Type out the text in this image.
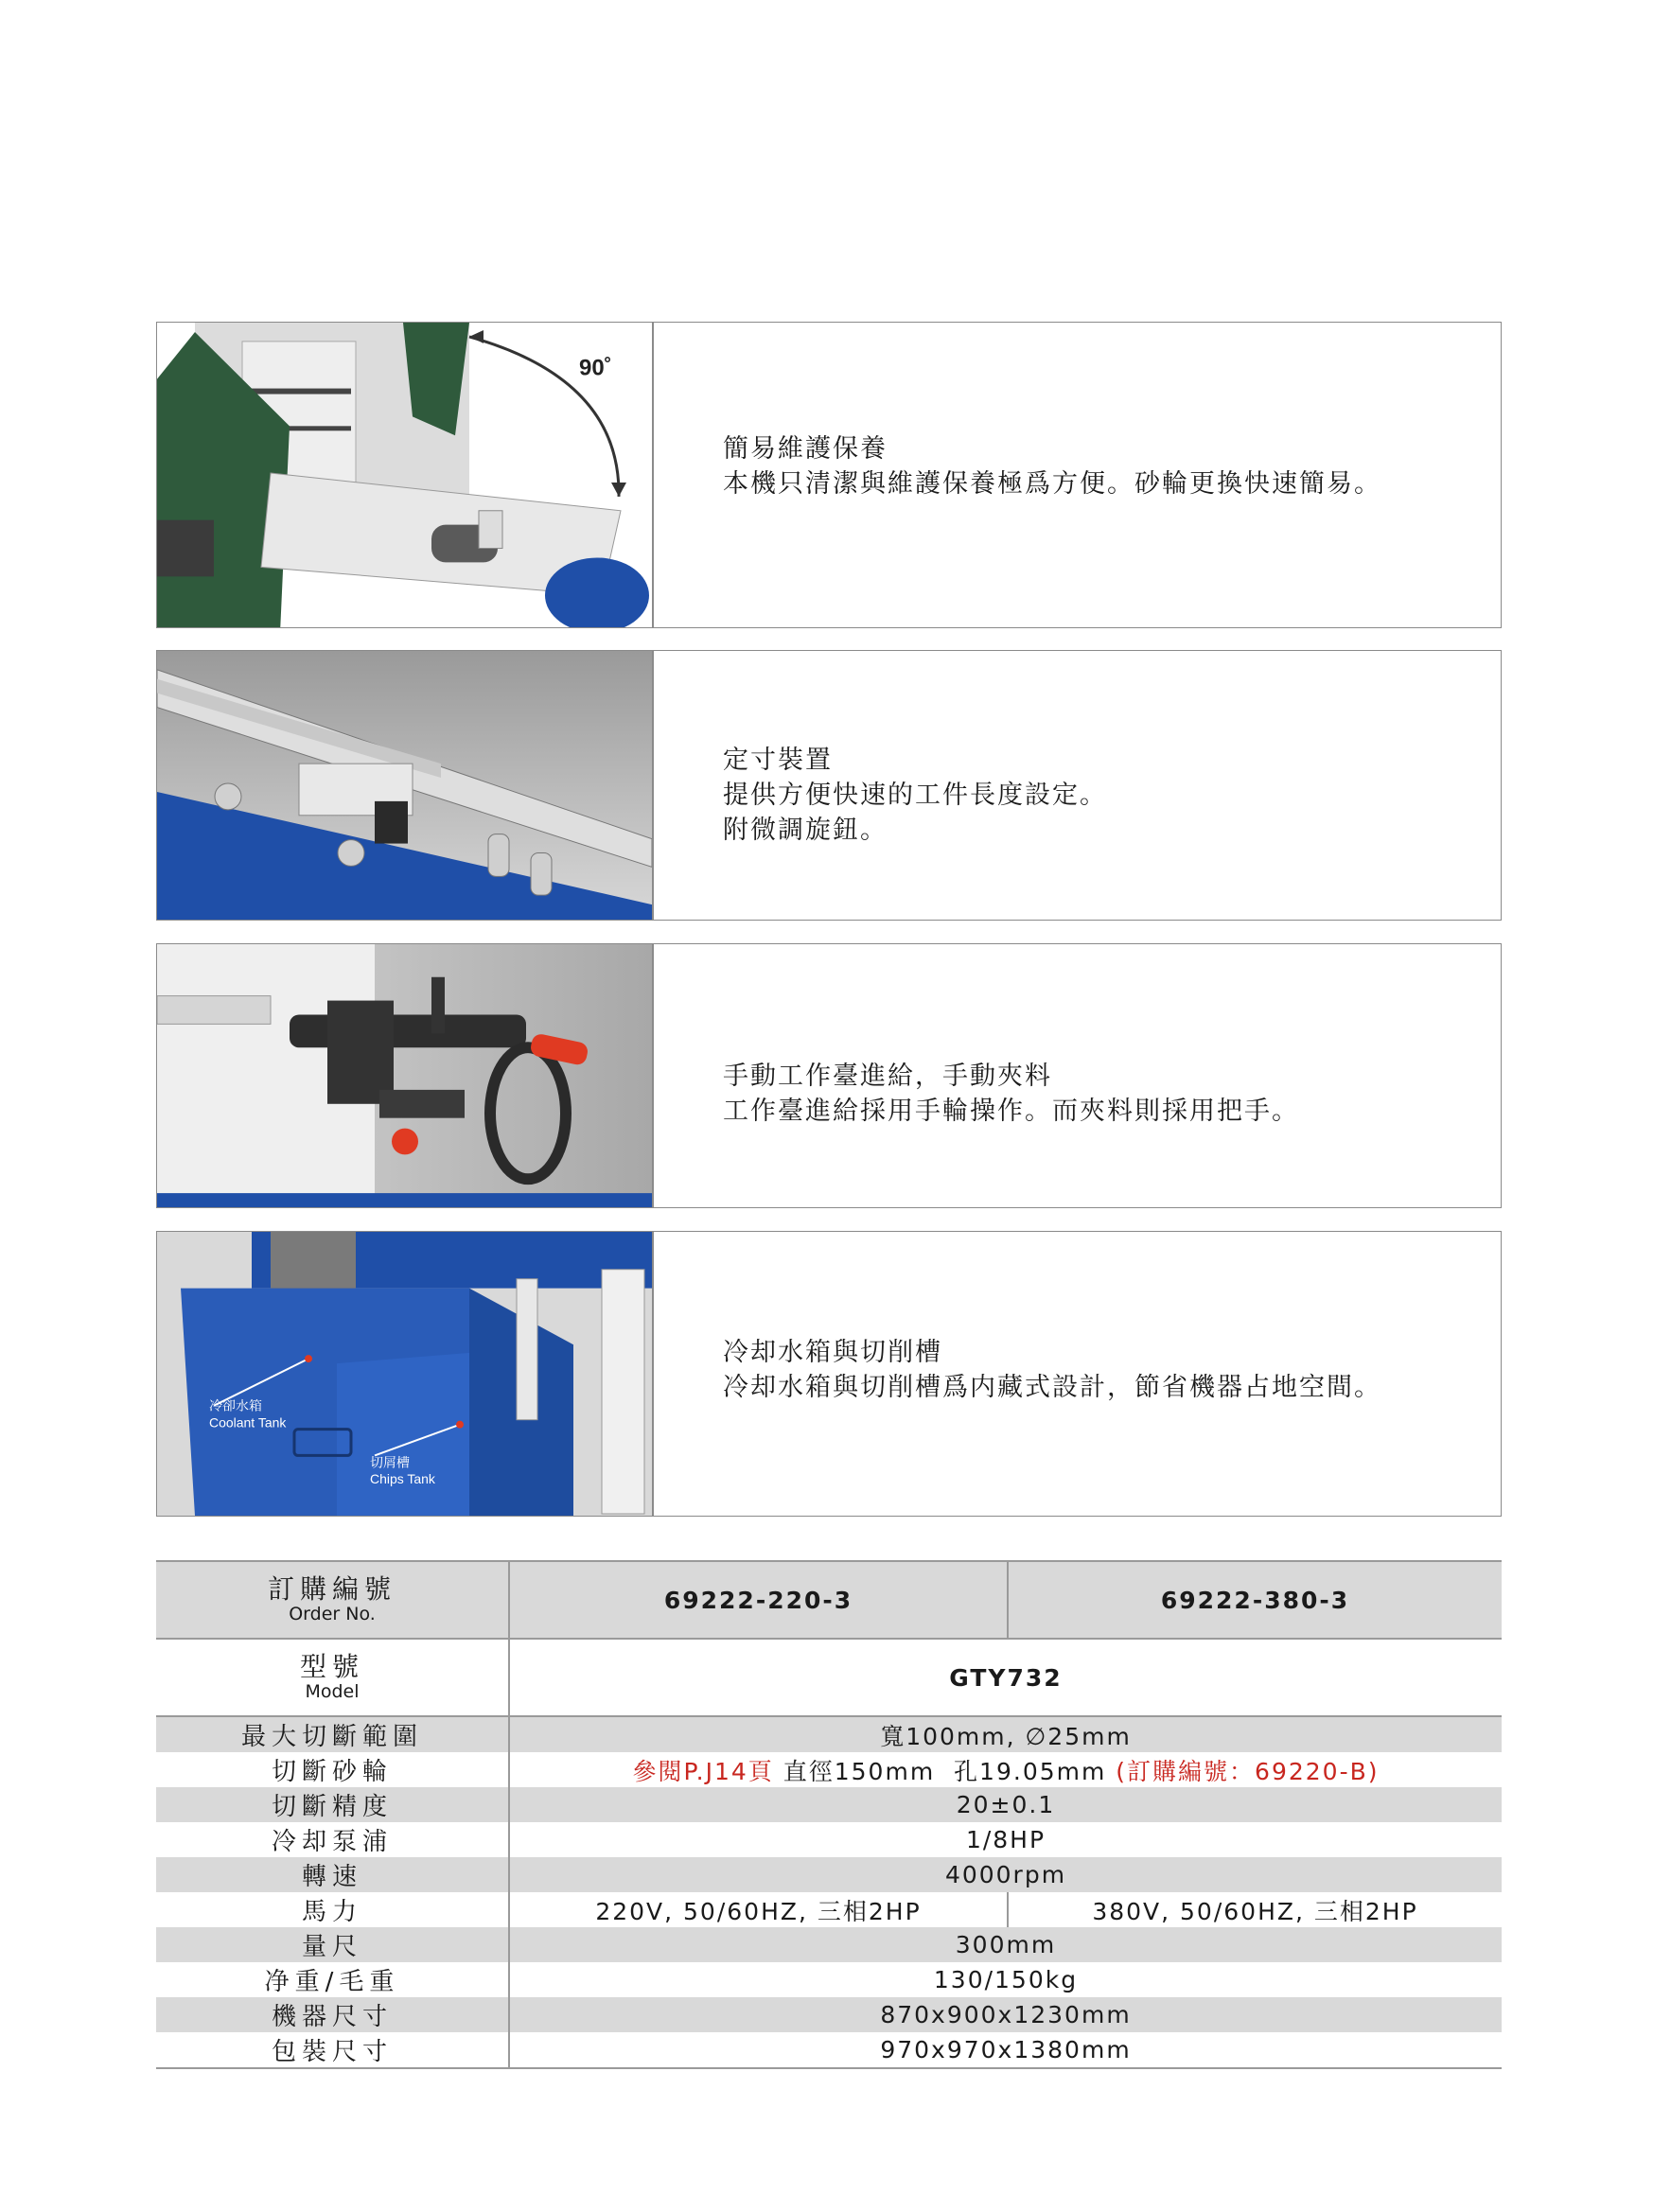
90˚
簡易維護保養
本機只清潔與維護保養極爲方便。砂輪更換快速簡易。
定寸裝置
提供方便快速的工件長度設定。
附微調旋鈕。
手動工作臺進給，手動夾料
工作臺進給採用手輪操作。而夾料則採用把手。
冷卻水箱
Coolant Tank
切屑槽
Chips Tank
冷却水箱與切削槽
冷却水箱與切削槽爲内藏式設計，節省機器占地空間。
訂購編號
Order No.	69222-220-3	69222-380-3

型號
Model	GTY732	
最大切斷範圍	寬100mm, ∅25mm	
切斷砂輪	參閱P.J14頁 直徑150mm  孔19.05mm (訂購編號：69220-B)	
切斷精度	20±0.1	
冷却泵浦	1/8HP	
轉速	4000rpm	
馬力	220V, 50/60HZ, 三相2HP	380V, 50/60HZ, 三相2HP
量尺	300mm	
净重/毛重	130/150kg	
機器尺寸	870x900x1230mm	
包裝尺寸	970x970x1380mm	
